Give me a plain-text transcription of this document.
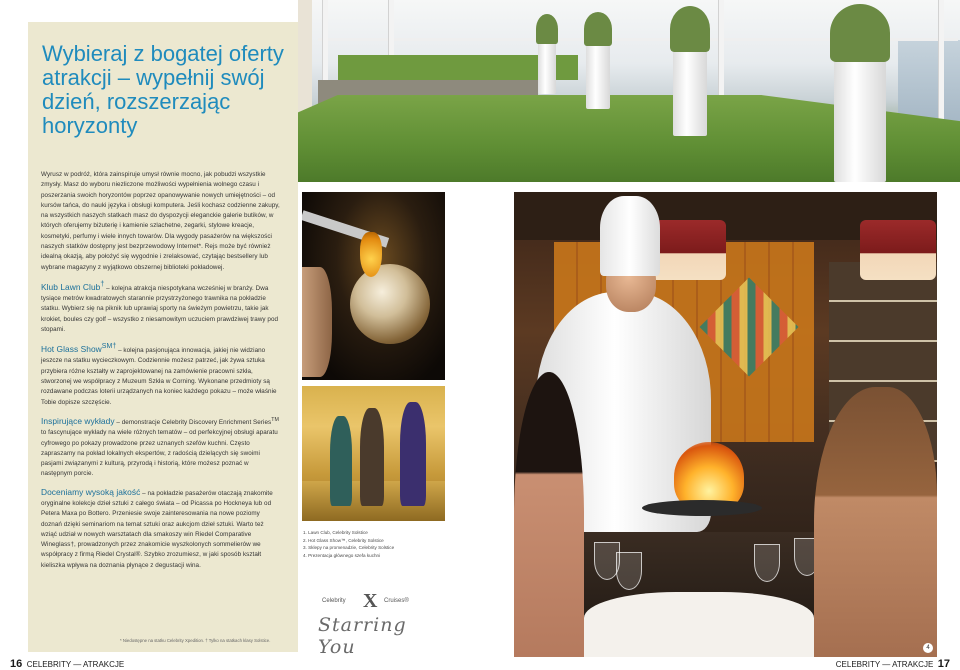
Wybieraj z bogatej oferty atrakcji – wypełnij swój dzień, rozszerzając horyzonty

Wyrusz w podróż, która zainspiruje umysł równie mocno, jak pobudzi wszystkie zmysły. Masz do wyboru niezliczone możliwości wypełnienia wolnego czasu i poszerzania swoich horyzontów poprzez opanowywanie nowych umiejętności – od kursów tańca, do nauki języka i obsługi komputera. Jeśli kochasz codzienne zakupy, na wszystkich naszych statkach masz do dyspozycji eleganckie galerie butików, w których oferujemy biżuterię i kamienie szlachetne, zegarki, stylowe kreacje, kosmetyki, perfumy i wiele innych towarów. Dla wygody pasażerów na większości naszych statków dostępny jest bezprzewodowy Internet*. Rejs może być również idealną okazją, aby położyć się wygodnie i zrelaksować, czytając bestsellery lub wybrane magazyny z wyjątkowo obszernej biblioteki pokładowej.

Klub Lawn Club† – kolejna atrakcja niespotykana wcześniej w branży. Dwa tysiące metrów kwadratowych starannie przystrzyżonego trawnika na pokładzie statku. Wybierz się na piknik lub uprawiaj sporty na świeżym powietrzu, takie jak krokiet, boules czy golf – wszystko z niesamowitym uczuciem prawdziwej trawy pod stopami.

Hot Glass Show$^{SM\dagger}$ – kolejna pasjonująca innowacja, jakiej nie widziano jeszcze na statku wycieczkowym. Codziennie możesz patrzeć, jak żywa sztuka przybiera różne kształty w zaprojektowanej na zamówienie pracowni szkła, stworzonej we współpracy z Muzeum Szkła w Corning. Wykonane przedmioty są rozdawane podczas loterii urządzanych na koniec każdego pokazu – może właśnie Tobie dopisze szczęście.

Inspirujące wykłady – demonstracje Celebrity Discovery Enrichment Series™ to fascynujące wykłady na wiele różnych tematów – od perfekcyjnej obsługi aparatu cyfrowego po pokazy prowadzone przez uznanych szefów kuchni. Często zapraszamy na pokład lokalnych ekspertów, z radością dzielących się swoimi pasjami związanymi z kulturą, przyrodą i historią, które możesz poznać w następnym porcie.

Doceniamy wysoką jakość – na pokładzie pasażerów otaczają znakomite oryginalne kolekcje dzieł sztuki z całego świata – od Picassa po Hockneya lub od Petera Maxa po Bottero. Przeniesie swoje zainteresowania na nowe poziomy doznań dzięki seminariom na temat sztuki oraz aukcjom dzieł sztuki. Warto też wziąć udział w nowych warsztatach dla smakoszy win Riedel Comparative Wineglass†, prowadzonych przez znakomicie wyszkolonych sommelierów we współpracy z firmą Riedel Crystal®. Szybko zrozumiesz, w jaki sposób kształt kieliszka wpływa na doznania płynące z degustacji wina.

* Niedostępne na statku Celebrity Xpedition. † Tylko na statkach klasy Solstice.
4
1. Lawn Club, Celebrity Solstice
2. Hot Glass Show™, Celebrity Solstice
3. Sklepy na promenadzie, Celebrity Solstice
4. Prezentacja głównego szefa kuchni
Celebrity X Cruises®
Starring You
16 CELEBRITY — ATRAKCJE	CELEBRITY — ATRAKCJE 17
